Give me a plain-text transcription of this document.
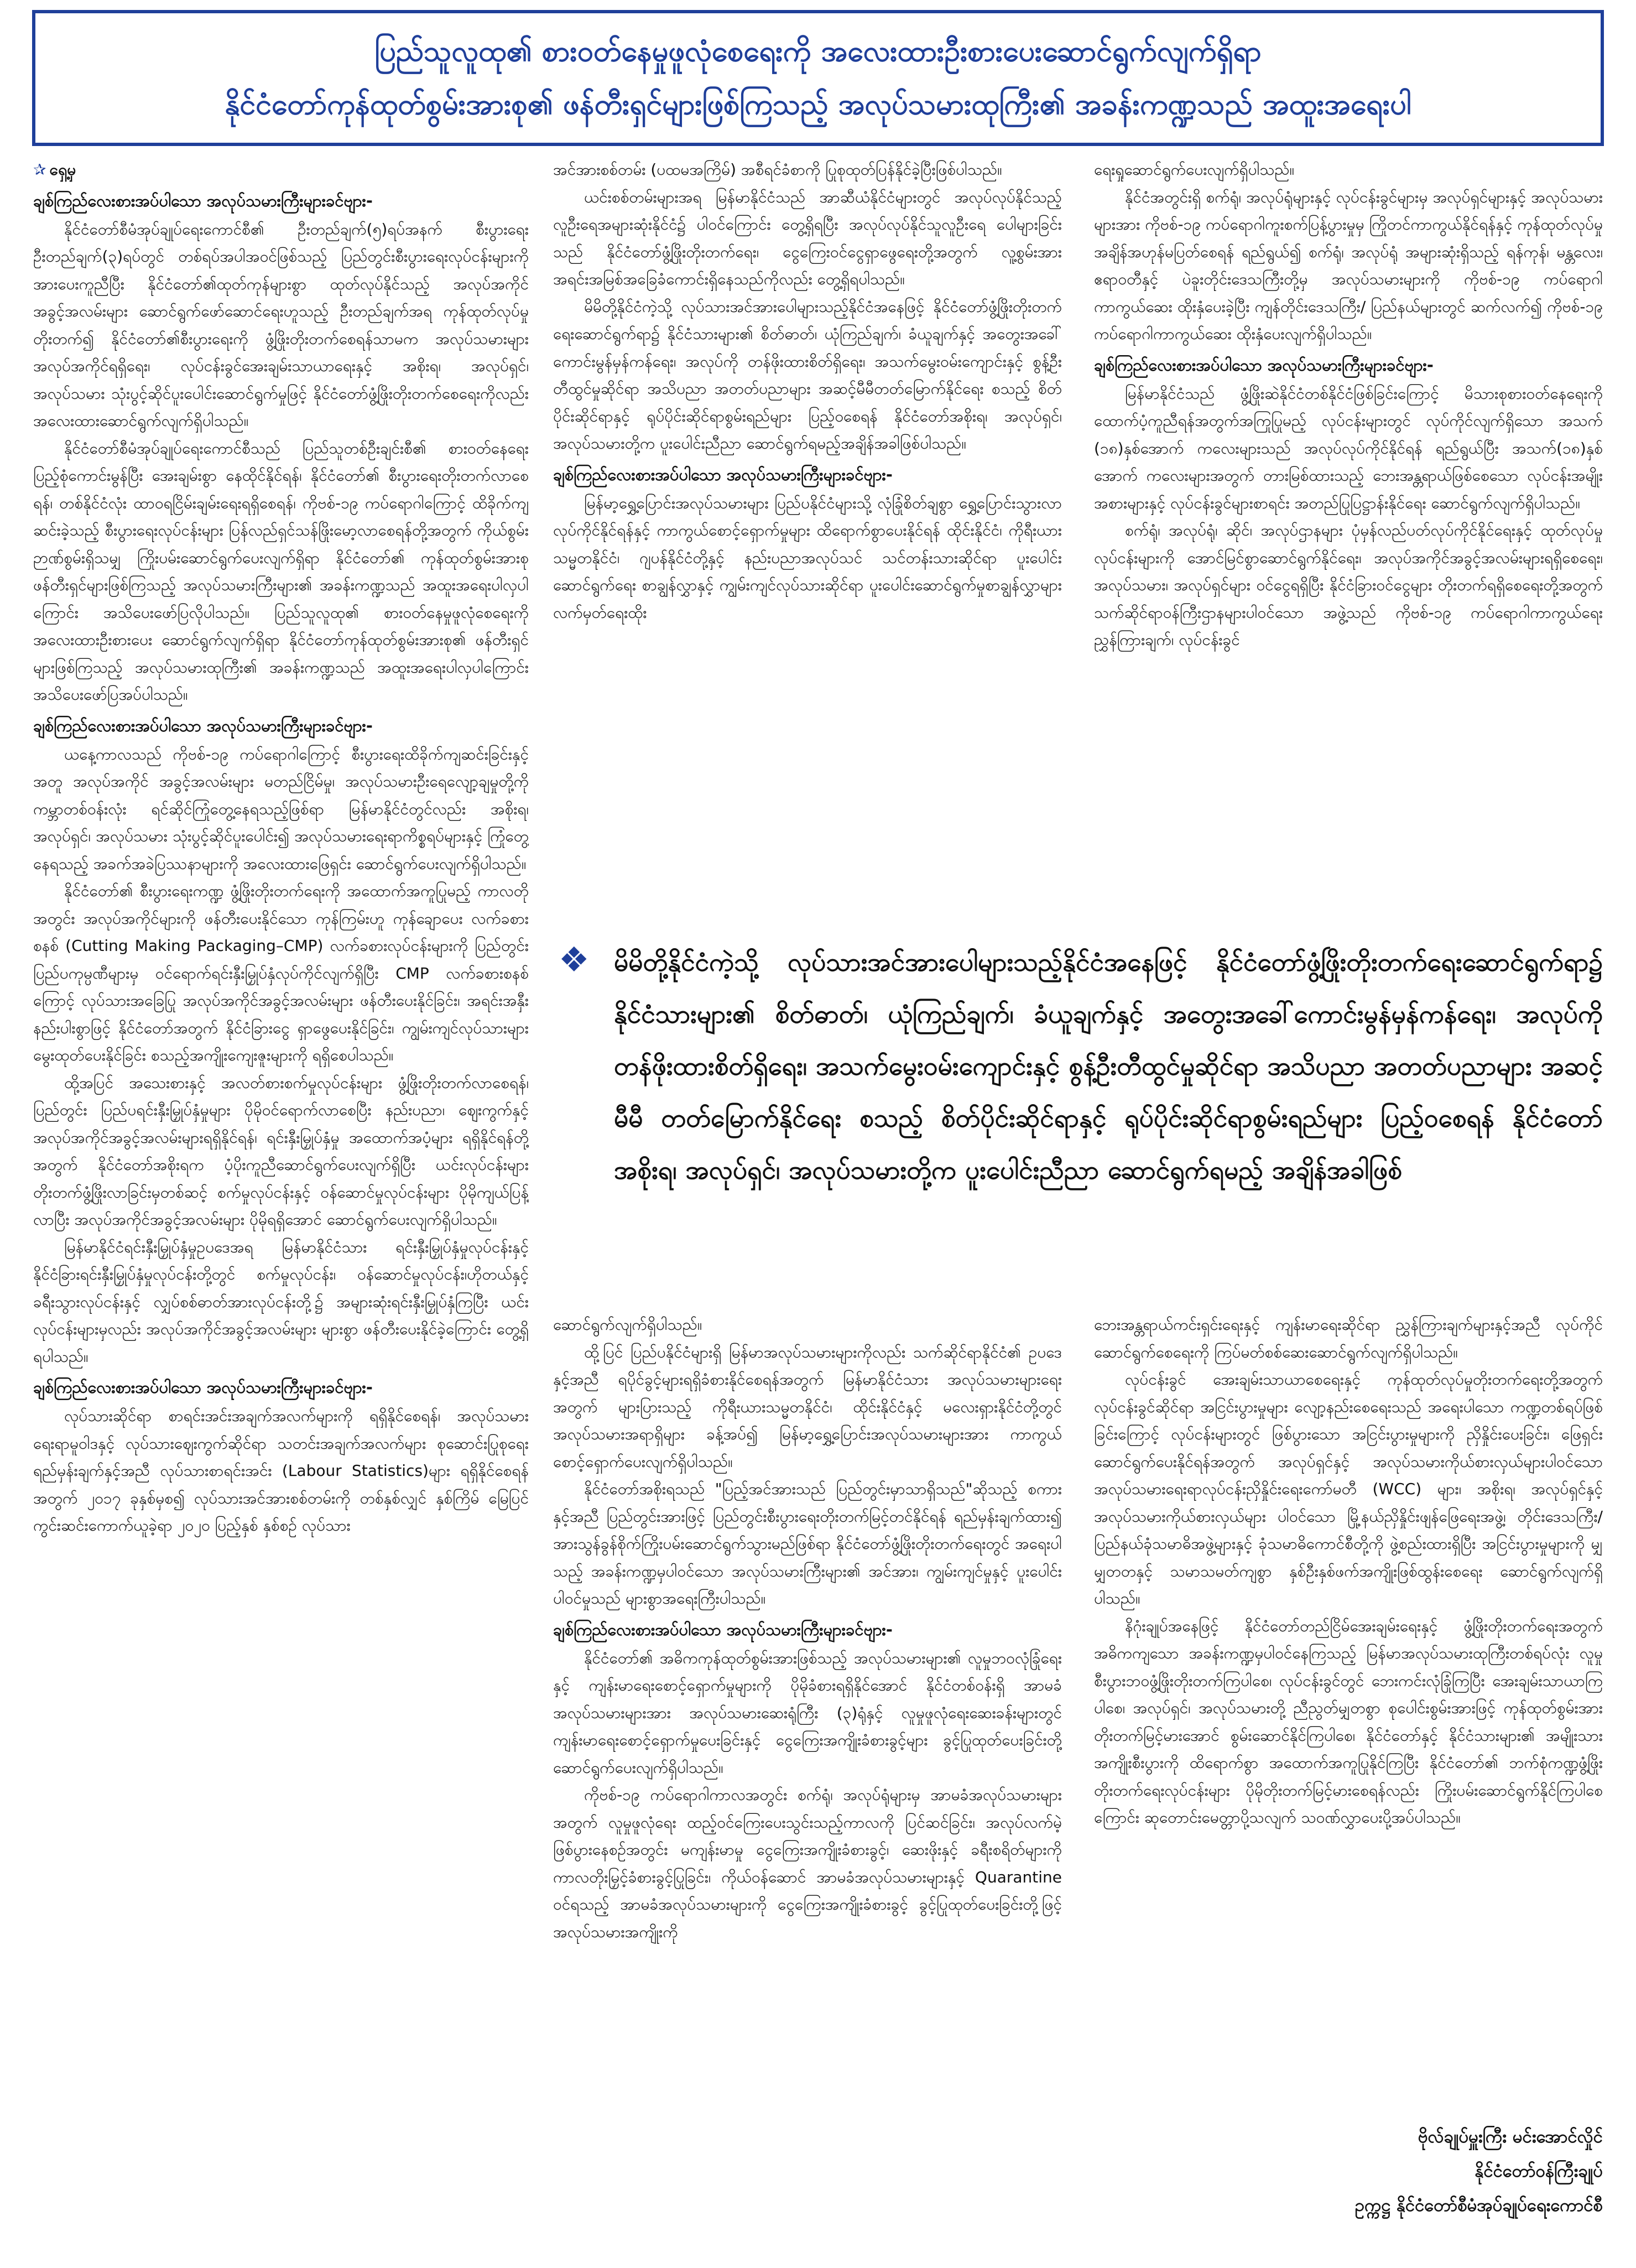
ပြည်သူလူထု၏ စားဝတ်နေမှုဖူလုံစေရေးကို အလေးထားဦးစားပေးဆောင်ရွက်လျက်ရှိရာ
နိုင်ငံတော်ကုန်ထုတ်စွမ်းအားစု၏ ဖန်တီးရှင်များဖြစ်ကြသည့် အလုပ်သမားထုကြီး၏ အခန်းကဏ္ဍသည် အထူးအရေးပါ

✰ ရှေ့မှ

ချစ်ကြည်လေးစားအပ်ပါသော အလုပ်သမားကြီးများခင်ဗျား-

နိုင်ငံတော်စီမံအုပ်ချုပ်ရေးကောင်စီ၏ ဦးတည်ချက်(၅)ရပ်အနက် စီးပွားရေးဦးတည်ချက်(၃)ရပ်တွင် တစ်ရပ်အပါအဝင်ဖြစ်သည့် ပြည်တွင်းစီးပွားရေးလုပ်ငန်းများကို အားပေးကူညီပြီး နိုင်ငံတော်၏ထုတ်ကုန်များစွာ ထုတ်လုပ်နိုင်သည့် အလုပ်အကိုင်အခွင့်အလမ်းများ ဆောင်ရွက်ဖော်ဆောင်ရေးဟူသည့် ဦးတည်ချက်အရ ကုန်ထုတ်လုပ်မှုတိုးတက်၍ နိုင်ငံတော်၏စီးပွားရေးကို ဖွံ့ဖြိုးတိုးတက်စေရန်သာမက အလုပ်သမားများ အလုပ်အကိုင်ရရှိရေး၊ လုပ်ငန်းခွင်အေးချမ်းသာယာရေးနှင့် အစိုးရ၊ အလုပ်ရှင်၊ အလုပ်သမား သုံးပွင့်ဆိုင်ပူးပေါင်းဆောင်ရွက်မှုဖြင့် နိုင်ငံတော်ဖွံ့ဖြိုးတိုးတက်စေရေးကိုလည်း အလေးထားဆောင်ရွက်လျက်ရှိပါသည်။

နိုင်ငံတော်စီမံအုပ်ချုပ်ရေးကောင်စီသည် ပြည်သူတစ်ဦးချင်းစီ၏ စားဝတ်နေရေးပြည့်စုံကောင်းမွန်ပြီး အေးချမ်းစွာ နေထိုင်နိုင်ရန်၊ နိုင်ငံတော်၏ စီးပွားရေးတိုးတက်လာစေရန်၊ တစ်နိုင်ငံလုံး ထာဝရငြိမ်းချမ်းရေးရရှိစေရန်၊ ကိုဗစ်-၁၉ ကပ်ရောဂါကြောင့် ထိခိုက်ကျဆင်းခဲ့သည့် စီးပွားရေးလုပ်ငန်းများ ပြန်လည်ရှင်သန်ဖြိုးမော့လာစေရန်တို့အတွက် ကိုယ်စွမ်းဉာဏ်စွမ်းရှိသမျှ ကြိုးပမ်းဆောင်ရွက်ပေးလျက်ရှိရာ နိုင်ငံတော်၏ ကုန်ထုတ်စွမ်းအားစု ဖန်တီးရှင်များဖြစ်ကြသည့် အလုပ်သမားကြီးများ၏ အခန်းကဏ္ဍသည် အထူးအရေးပါလှပါကြောင်း အသိပေးဖော်ပြလိုပါသည်။ ပြည်သူလူထု၏ စားဝတ်နေမှုဖူလုံစေရေးကို အလေးထားဦးစားပေး ဆောင်ရွက်လျက်ရှိရာ နိုင်ငံတော်ကုန်ထုတ်စွမ်းအားစု၏ ဖန်တီးရှင်များဖြစ်ကြသည့် အလုပ်သမားထုကြီး၏ အခန်းကဏ္ဍသည် အထူးအရေးပါလှပါကြောင်း အသိပေးဖော်ပြအပ်ပါသည်။

ချစ်ကြည်လေးစားအပ်ပါသော အလုပ်သမားကြီးများခင်ဗျား-

ယနေ့ကာလသည် ကိုဗစ်-၁၉ ကပ်ရောဂါကြောင့် စီးပွားရေးထိခိုက်ကျဆင်းခြင်းနှင့်အတူ အလုပ်အကိုင် အခွင့်အလမ်းများ မတည်ငြိမ်မှု၊ အလုပ်သမားဦးရေလျော့ချမှုတို့ကို ကမ္ဘာတစ်ဝန်းလုံး ရင်ဆိုင်ကြုံတွေ့နေရသည့်ဖြစ်ရာ မြန်မာနိုင်ငံတွင်လည်း အစိုးရ၊ အလုပ်ရှင်၊ အလုပ်သမား သုံးပွင့်ဆိုင်ပူးပေါင်း၍ အလုပ်သမားရေးရာကိစ္စရပ်များနှင့် ကြုံတွေ့နေရသည့် အခက်အခဲပြဿနာများကို အလေးထားဖြေရှင်း ဆောင်ရွက်ပေးလျက်ရှိပါသည်။

နိုင်ငံတော်၏ စီးပွားရေးကဏ္ဍ ဖွံ့ဖြိုးတိုးတက်ရေးကို အထောက်အကူပြုမည့် ကာလတိုအတွင်း အလုပ်အကိုင်များကို ဖန်တီးပေးနိုင်သော ကုန်ကြမ်းဟူ ကုန်ချောပေး လက်ခစားစနစ် (Cutting Making Packaging–CMP) လက်ခစားလုပ်ငန်းများကို ပြည်တွင်း ပြည်ပကုမ္ပဏီများမှ ဝင်ရောက်ရင်းနှီးမြှုပ်နှံလုပ်ကိုင်လျက်ရှိပြီး CMP လက်ခစားစနစ်ကြောင့် လုပ်သားအခြေပြု အလုပ်အကိုင်အခွင့်အလမ်းများ ဖန်တီးပေးနိုင်ခြင်း၊ အရင်းအနှီးနည်းပါးစွာဖြင့် နိုင်ငံတော်အတွက် နိုင်ငံခြားငွေ ရှာဖွေပေးနိုင်ခြင်း၊ ကျွမ်းကျင်လုပ်သားများ မွေးထုတ်ပေးနိုင်ခြင်း စသည့်အကျိုးကျေးဇူးများကို ရရှိစေပါသည်။

ထို့အပြင် အသေးစားနှင့် အလတ်စားစက်မှုလုပ်ငန်းများ ဖွံ့ဖြိုးတိုးတက်လာစေရန်၊ ပြည်တွင်း ပြည်ပရင်းနှီးမြှုပ်နှံမှုများ ပိုမိုဝင်ရောက်လာစေပြီး နည်းပညာ၊ ဈေးကွက်နှင့် အလုပ်အကိုင်အခွင့်အလမ်းများရရှိနိုင်ရန်၊ ရင်းနှီးမြှုပ်နှံမှု အထောက်အပံ့များ ရရှိနိုင်ရန်တို့အတွက် နိုင်ငံတော်အစိုးရက ပံ့ပိုးကူညီဆောင်ရွက်ပေးလျက်ရှိပြီး ယင်းလုပ်ငန်းများ တိုးတက်ဖွံ့ဖြိုးလာခြင်းမှတစ်ဆင့် စက်မှုလုပ်ငန်းနှင့် ဝန်ဆောင်မှုလုပ်ငန်းများ ပိုမိုကျယ်ပြန့်လာပြီး အလုပ်အကိုင်အခွင့်အလမ်းများ ပိုမိုရရှိအောင် ဆောင်ရွက်ပေးလျက်ရှိပါသည်။

မြန်မာနိုင်ငံရင်းနှီးမြှုပ်နှံမှုဥပဒေအရ မြန်မာနိုင်ငံသား ရင်းနှီးမြှုပ်နှံမှုလုပ်ငန်းနှင့် နိုင်ငံခြားရင်းနှီးမြှုပ်နှံမှုလုပ်ငန်းတို့တွင် စက်မှုလုပ်ငန်း၊ ဝန်ဆောင်မှုလုပ်ငန်း၊ဟိုတယ်နှင့် ခရီးသွားလုပ်ငန်းနှင့် လျှပ်စစ်ဓာတ်အားလုပ်ငန်းတို့၌ အများဆုံးရင်းနှီးမြှုပ်နှံကြပြီး ယင်းလုပ်ငန်းများမှလည်း အလုပ်အကိုင်အခွင့်အလမ်းများ များစွာ ဖန်တီးပေးနိုင်ခဲ့ကြောင်း တွေ့ရှိရပါသည်။

ချစ်ကြည်လေးစားအပ်ပါသော အလုပ်သမားကြီးများခင်ဗျား-

လုပ်သားဆိုင်ရာ စာရင်းအင်းအချက်အလက်များကို ရရှိနိုင်စေရန်၊ အလုပ်သမားရေးရာမူဝါဒနှင့် လုပ်သားဈေးကွက်ဆိုင်ရာ သတင်းအချက်အလက်များ စုဆောင်းပြုစုရေး ရည်မှန်းချက်နှင့်အညီ လုပ်သားစာရင်းအင်း (Labour Statistics)များ ရရှိနိုင်စေရန်အတွက် ၂၀၁၇ ခုနှစ်မှစ၍ လုပ်သားအင်အားစစ်တမ်းကို တစ်နှစ်လျှင် နှစ်ကြိမ် မြေပြင်ကွင်းဆင်းကောက်ယူခဲ့ရာ ၂၀၂၀ ပြည့်နှစ် နှစ်စဉ် လုပ်သား

အင်အားစစ်တမ်း (ပထမအကြိမ်) အစီရင်ခံစာကို ပြုစုထုတ်ပြန်နိုင်ခဲ့ပြီးဖြစ်ပါသည်။

ယင်းစစ်တမ်းများအရ မြန်မာနိုင်ငံသည် အာဆီယံနိုင်ငံများတွင် အလုပ်လုပ်နိုင်သည့် လူဦးရေအများဆုံးနိုင်ငံ၌ ပါဝင်ကြောင်း တွေ့ရှိရပြီး အလုပ်လုပ်နိုင်သူလူဦးရေ ပေါများခြင်းသည် နိုင်ငံတော်ဖွံ့ဖြိုးတိုးတက်ရေး၊ ငွေကြေးဝင်ငွေရှာဖွေရေးတို့အတွက် လူ့စွမ်းအားအရင်းအမြစ်အခြေခံကောင်းရှိနေသည်ကိုလည်း တွေ့ရှိရပါသည်။

မိမိတို့နိုင်ငံကဲ့သို့ လုပ်သားအင်အားပေါများသည့်နိုင်ငံအနေဖြင့် နိုင်ငံတော်ဖွံ့ဖြိုးတိုးတက်ရေးဆောင်ရွက်ရာ၌ နိုင်ငံသားများ၏ စိတ်ဓာတ်၊ ယုံကြည်ချက်၊ ခံယူချက်နှင့် အတွေးအခေါ် ကောင်းမွန်မှန်ကန်ရေး၊ အလုပ်ကို တန်ဖိုးထားစိတ်ရှိရေး၊ အသက်မွေးဝမ်းကျောင်းနှင့် စွန့်ဦးတီထွင်မှုဆိုင်ရာ အသိပညာ အတတ်ပညာများ အဆင့်မီမီတတ်မြောက်နိုင်ရေး စသည့် စိတ်ပိုင်းဆိုင်ရာနှင့် ရုပ်ပိုင်းဆိုင်ရာစွမ်းရည်များ ပြည့်ဝစေရန် နိုင်ငံတော်အစိုးရ၊ အလုပ်ရှင်၊ အလုပ်သမားတို့က ပူးပေါင်းညီညာ ဆောင်ရွက်ရမည့်အချိန်အခါဖြစ်ပါသည်။

ချစ်ကြည်လေးစားအပ်ပါသော အလုပ်သမားကြီးများခင်ဗျား-

မြန်မာ့ရွှေ့ပြောင်းအလုပ်သမားများ ပြည်ပနိုင်ငံများသို့ လုံခြုံစိတ်ချစွာ ရွှေ့ပြောင်းသွားလာ လုပ်ကိုင်နိုင်ရန်နှင့် ကာကွယ်စောင့်ရှောက်မှုများ ထိရောက်စွာပေးနိုင်ရန် ထိုင်းနိုင်ငံ၊ ကိုရီးယားသမ္မတနိုင်ငံ၊ ဂျပန်နိုင်ငံတို့နှင့် နည်းပညာအလုပ်သင် သင်တန်းသားဆိုင်ရာ ပူးပေါင်းဆောင်ရွက်ရေး စာချွန်လွှာနှင့် ကျွမ်းကျင်လုပ်သားဆိုင်ရာ ပူးပေါင်းဆောင်ရွက်မှုစာချွန်လွှာများ လက်မှတ်ရေးထိုး

ရေးရှုဆောင်ရွက်ပေးလျက်ရှိပါသည်။

နိုင်ငံအတွင်းရှိ စက်ရုံ၊ အလုပ်ရုံများနှင့် လုပ်ငန်းခွင်များမှ အလုပ်ရှင်များနှင့် အလုပ်သမားများအား ကိုဗစ်-၁၉ ကပ်ရောဂါကူးစက်ပြန့်ပွားမှုမှ ကြိုတင်ကာကွယ်နိုင်ရန်နှင့် ကုန်ထုတ်လုပ်မှုအချိန်အဟုန်မပြတ်စေရန် ရည်ရွယ်၍ စက်ရုံ၊ အလုပ်ရုံ အများဆုံးရှိသည့် ရန်ကုန်၊ မန္တလေး၊ ဧရာဝတီနှင့် ပဲခူးတိုင်းဒေသကြီးတို့မှ အလုပ်သမားများကို ကိုဗစ်-၁၉ ကပ်ရောဂါကာကွယ်ဆေး ထိုးနှံပေးခဲ့ပြီး ကျန်တိုင်းဒေသကြီး/ ပြည်နယ်များတွင် ဆက်လက်၍ ကိုဗစ်-၁၉ ကပ်ရောဂါကာကွယ်ဆေး ထိုးနှံပေးလျက်ရှိပါသည်။

ချစ်ကြည်လေးစားအပ်ပါသော အလုပ်သမားကြီးများခင်ဗျား-

မြန်မာနိုင်ငံသည် ဖွံ့ဖြိုးဆဲနိုင်ငံတစ်နိုင်ငံဖြစ်ခြင်းကြောင့် မိသားစုစားဝတ်နေရေးကို ထောက်ပံ့ကူညီရန်အတွက်အကြုပြုမည့် လုပ်ငန်းများတွင် လုပ်ကိုင်လျက်ရှိသော အသက် (၁၈)နှစ်အောက် ကလေးများသည် အလုပ်လုပ်ကိုင်နိုင်ရန် ရည်ရွယ်ပြီး အသက်(၁၈)နှစ်အောက် ကလေးများအတွက် တားမြစ်ထားသည့် ဘေးအန္တရာယ်ဖြစ်စေသော လုပ်ငန်းအမျိုးအစားများနှင့် လုပ်ငန်းခွင်များစာရင်း အတည်ပြုပြဋ္ဌာန်းနိုင်ရေး ဆောင်ရွက်လျက်ရှိပါသည်။

စက်ရုံ၊ အလုပ်ရုံ၊ ဆိုင်၊ အလုပ်ဌာနများ ပုံမှန်လည်ပတ်လုပ်ကိုင်နိုင်ရေးနှင့် ထုတ်လုပ်မှုလုပ်ငန်းများကို အောင်မြင်စွာဆောင်ရွက်နိုင်ရေး၊ အလုပ်အကိုင်အခွင့်အလမ်းများရရှိစေရေး၊ အလုပ်သမား၊ အလုပ်ရှင်များ ဝင်ငွေရရှိပြီး နိုင်ငံခြားဝင်ငွေများ တိုးတက်ရရှိစေရေးတို့အတွက် သက်ဆိုင်ရာဝန်ကြီးဌာနများပါဝင်သော အဖွဲ့သည် ကိုဗစ်-၁၉ ကပ်ရောဂါကာကွယ်ရေး ညွှန်ကြားချက်၊ လုပ်ငန်းခွင်

❖ မိမိတို့နိုင်ငံကဲ့သို့ လုပ်သားအင်အားပေါများသည့်နိုင်ငံအနေဖြင့် နိုင်ငံတော်ဖွံ့ဖြိုးတိုးတက်ရေးဆောင်ရွက်ရာ၌ နိုင်ငံသားများ၏ စိတ်ဓာတ်၊ ယုံကြည်ချက်၊ ခံယူချက်နှင့် အတွေးအခေါ်ကောင်းမွန်မှန်ကန်ရေး၊ အလုပ်ကိုတန်ဖိုးထားစိတ်ရှိရေး၊ အသက်မွေးဝမ်းကျောင်းနှင့် စွန့်ဦးတီထွင်မှုဆိုင်ရာ အသိပညာ အတတ်ပညာများ အဆင့်မီမီ တတ်မြောက်နိုင်ရေး စသည့် စိတ်ပိုင်းဆိုင်ရာနှင့် ရုပ်ပိုင်းဆိုင်ရာစွမ်းရည်များ ပြည့်ဝစေရန် နိုင်ငံတော်အစိုးရ၊ အလုပ်ရှင်၊ အလုပ်သမားတို့က ပူးပေါင်းညီညာ ဆောင်ရွက်ရမည့် အချိန်အခါဖြစ်

ဆောင်ရွက်လျက်ရှိပါသည်။

ထို့ပြင် ပြည်ပနိုင်ငံများရှိ မြန်မာအလုပ်သမားများကိုလည်း သက်ဆိုင်ရာနိုင်ငံ၏ ဥပဒေနှင့်အညီ ရပိုင်ခွင့်များရရှိခံစားနိုင်စေရန်အတွက် မြန်မာနိုင်ငံသား အလုပ်သမားများရေးအတွက် များပြားသည့် ကိုရီးယားသမ္မတနိုင်ငံ၊ ထိုင်းနိုင်ငံနှင့် မလေးရှားနိုင်ငံတို့တွင် အလုပ်သမားအရာရှိများ ခန့်အပ်၍ မြန်မာ့ရွှေ့ပြောင်းအလုပ်သမားများအား ကာကွယ်စောင့်ရှောက်ပေးလျက်ရှိပါသည်။

နိုင်ငံတော်အစိုးရသည် "ပြည့်အင်အားသည် ပြည်တွင်းမှာသာရှိသည်"ဆိုသည့် စကားနှင့်အညီ ပြည်တွင်းအားဖြင့် ပြည်တွင်းစီးပွားရေးတိုးတက်မြင့်တင်နိုင်ရန် ရည်မှန်းချက်ထား၍ အားသွန်ခွန်စိုက်ကြိုးပမ်းဆောင်ရွက်သွားမည်ဖြစ်ရာ နိုင်ငံတော်ဖွံ့ဖြိုးတိုးတက်ရေးတွင် အရေးပါသည့် အခန်းကဏ္ဍမှပါဝင်သော အလုပ်သမားကြီးများ၏ အင်အား၊ ကျွမ်းကျင်မှုနှင့် ပူးပေါင်းပါဝင်မှုသည် များစွာအရေးကြီးပါသည်။

ချစ်ကြည်လေးစားအပ်ပါသော အလုပ်သမားကြီးများခင်ဗျား-

နိုင်ငံတော်၏ အဓိကကုန်ထုတ်စွမ်းအားဖြစ်သည့် အလုပ်သမားများ၏ လူမှုဘဝလုံခြုံရေးနှင့် ကျန်းမာရေးစောင့်ရှောက်မှုများကို ပိုမိုခံစားရရှိနိုင်အောင် နိုင်ငံတစ်ဝန်းရှိ အာမခံအလုပ်သမားများအား အလုပ်သမားဆေးရုံကြီး (၃)ရုံနှင့် လူမှုဖူလုံရေးဆေးခန်းများတွင် ကျန်းမာရေးစောင့်ရှောက်မှုပေးခြင်းနှင့် ငွေကြေးအကျိုးခံစားခွင့်များ ခွင့်ပြုထုတ်ပေးခြင်းတို့ ဆောင်ရွက်ပေးလျက်ရှိပါသည်။

ကိုဗစ်-၁၉ ကပ်ရောဂါကာလအတွင်း စက်ရုံ၊ အလုပ်ရုံများမှ အာမခံအလုပ်သမားများအတွက် လူမှုဖူလုံရေး ထည့်ဝင်ကြေးပေးသွင်းသည့်ကာလကို ပြင်ဆင်ခြင်း၊ အလုပ်လက်မဲ့ဖြစ်ပွားနေစဉ်အတွင်း မကျန်းမာမှု ငွေကြေးအကျိုးခံစားခွင့်၊ ဆေးဖိုးနှင့် ခရီးစရိတ်များကို ကာလတိုးမြှင့်ခံစားခွင့်ပြုခြင်း၊ ကိုယ်ဝန်ဆောင် အာမခံအလုပ်သမားများနှင့် Quarantine ဝင်ရသည့် အာမခံအလုပ်သမားများကို ငွေကြေးအကျိုးခံစားခွင့် ခွင့်ပြုထုတ်ပေးခြင်းတို့ဖြင့် အလုပ်သမားအကျိုးကို

ဘေးအန္တရာယ်ကင်းရှင်းရေးနှင့် ကျန်းမာရေးဆိုင်ရာ ညွှန်ကြားချက်များနှင့်အညီ လုပ်ကိုင်ဆောင်ရွက်စေရေးကို ကြပ်မတ်စစ်ဆေးဆောင်ရွက်လျက်ရှိပါသည်။

လုပ်ငန်းခွင် အေးချမ်းသာယာစေရေးနှင့် ကုန်ထုတ်လုပ်မှုတိုးတက်ရေးတို့အတွက် လုပ်ငန်းခွင်ဆိုင်ရာ အငြင်းပွားမှုများ လျော့နည်းစေရေးသည် အရေးပါသော ကဏ္ဍတစ်ရပ်ဖြစ်ခြင်းကြောင့် လုပ်ငန်းများတွင် ဖြစ်ပွားသော အငြင်းပွားမှုများကို ညှိနှိုင်းပေးခြင်း၊ ဖြေရှင်းဆောင်ရွက်ပေးနိုင်ရန်အတွက် အလုပ်ရှင်နှင့် အလုပ်သမားကိုယ်စားလှယ်များပါဝင်သော အလုပ်သမားရေးရာလုပ်ငန်းညှိနှိုင်းရေးကော်မတီ (WCC) များ၊ အစိုးရ၊ အလုပ်ရှင်နှင့် အလုပ်သမားကိုယ်စားလှယ်များ ပါဝင်သော မြို့နယ်ညှိနှိုင်းဖျန်ဖြေရေးအဖွဲ့၊ တိုင်းဒေသကြီး/ ပြည်နယ်ခုံသမာဓိအဖွဲ့များနှင့် ခုံသမာဓိကောင်စီတို့ကို ဖွဲ့စည်းထားရှိပြီး အငြင်းပွားမှုများကို မျှမျှတတနှင့် သမာသမတ်ကျစွာ နှစ်ဦးနှစ်ဖက်အကျိုးဖြစ်ထွန်းစေရေး ဆောင်ရွက်လျက်ရှိပါသည်။

နိဂုံးချုပ်အနေဖြင့် နိုင်ငံတော်တည်ငြိမ်အေးချမ်းရေးနှင့် ဖွံ့ဖြိုးတိုးတက်ရေးအတွက် အဓိကကျသော အခန်းကဏ္ဍမှပါဝင်နေကြသည့် မြန်မာအလုပ်သမားထုကြီးတစ်ရပ်လုံး လူမှုစီးပွားဘဝဖွံ့ဖြိုးတိုးတက်ကြပါစေ၊ လုပ်ငန်းခွင်တွင် ဘေးကင်းလုံခြုံကြပြီး အေးချမ်းသာယာကြပါစေ၊ အလုပ်ရှင်၊ အလုပ်သမားတို့ ညီညွတ်မျှတစွာ စုပေါင်းစွမ်းအားဖြင့် ကုန်ထုတ်စွမ်းအား တိုးတက်မြင့်မားအောင် စွမ်းဆောင်နိုင်ကြပါစေ၊ နိုင်ငံတော်နှင့် နိုင်ငံသားများ၏ အမျိုးသားအကျိုးစီးပွားကို ထိရောက်စွာ အထောက်အကူပြုနိုင်ကြပြီး နိုင်ငံတော်၏ ဘက်စုံကဏ္ဍဖွံ့ဖြိုးတိုးတက်ရေးလုပ်ငန်းများ ပိုမိုတိုးတက်မြင့်မားစေရန်လည်း ကြိုးပမ်းဆောင်ရွက်နိုင်ကြပါစေကြောင်း ဆုတောင်းမေတ္တာပို့သလျက် သဝဏ်လွှာပေးပို့အပ်ပါသည်။

ဗိုလ်ချုပ်မှူးကြီး မင်းအောင်လှိုင်
နိုင်ငံတော်ဝန်ကြီးချုပ်
ဥက္ကဋ္ဌ နိုင်ငံတော်စီမံအုပ်ချုပ်ရေးကောင်စီ
